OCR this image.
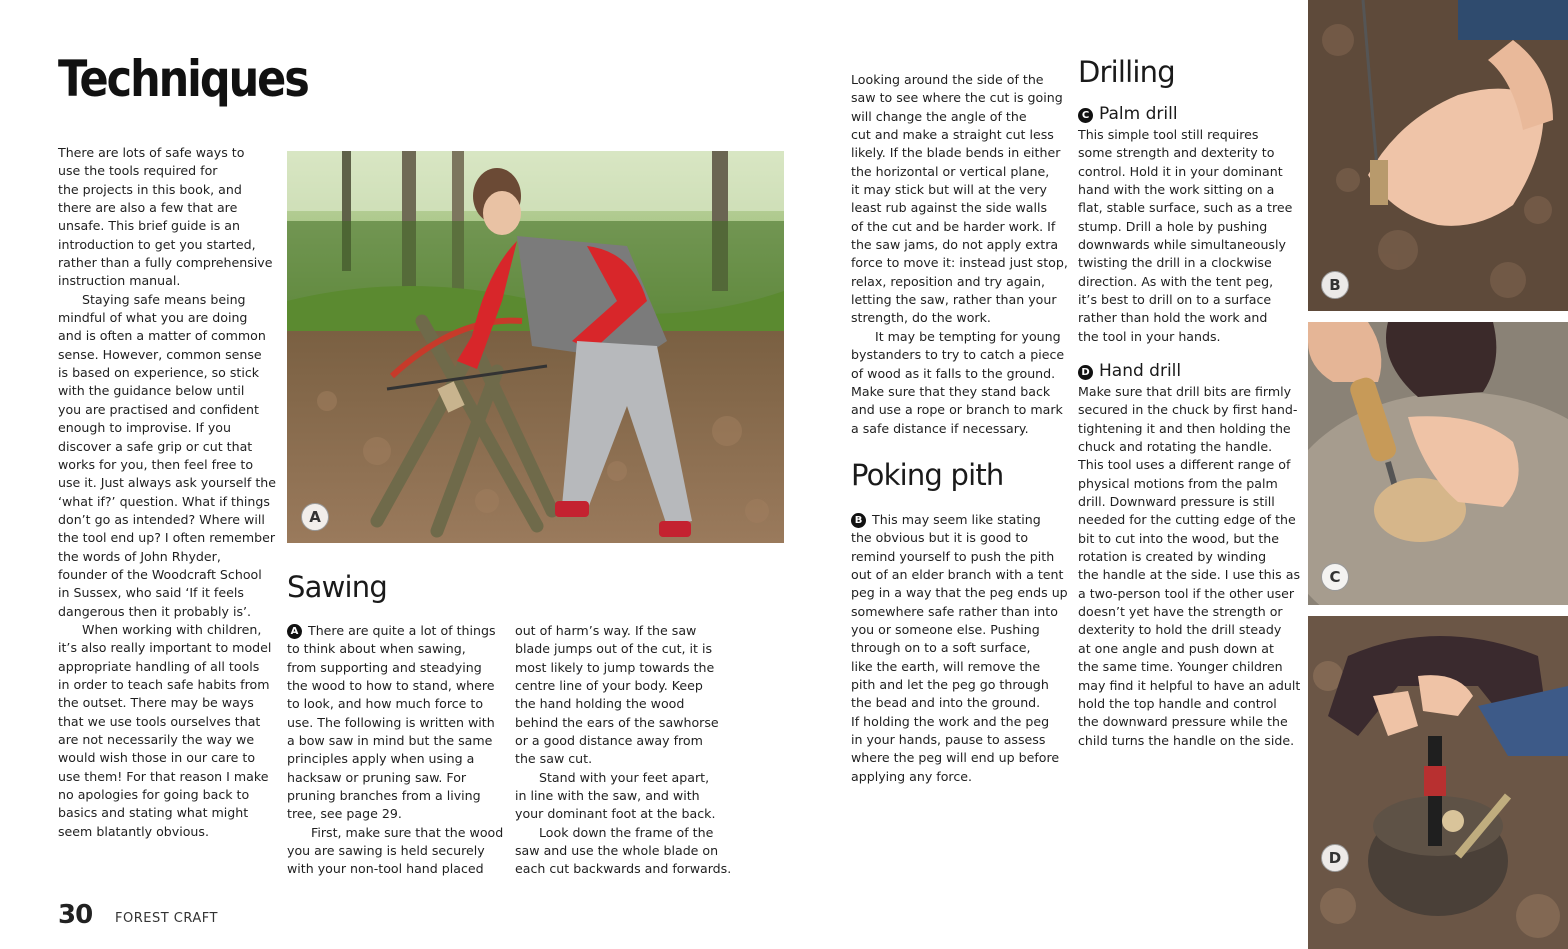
Techniques
There are lots of safe ways to
use the tools required for
the projects in this book, and
there are also a few that are
unsafe. This brief guide is an
introduction to get you started,
rather than a fully comprehensive
instruction manual.
Staying safe means being
mindful of what you are doing
and is often a matter of common
sense. However, common sense
is based on experience, so stick
with the guidance below until
you are practised and confident
enough to improvise. If you
discover a safe grip or cut that
works for you, then feel free to
use it. Just always ask yourself the
‘what if?’ question. What if things
don’t go as intended? Where will
the tool end up? I often remember
the words of John Rhyder,
founder of the Woodcraft School
in Sussex, who said ‘If it feels
dangerous then it probably is’.
When working with children,
it’s also really important to model
appropriate handling of all tools
in order to teach safe habits from
the outset. There may be ways
that we use tools ourselves that
are not necessarily the way we
would wish those in our care to
use them! For that reason I make
no apologies for going back to
basics and stating what might
seem blatantly obvious.
A
Sawing
A There are quite a lot of things
to think about when sawing,
from supporting and steadying
the wood to how to stand, where
to look, and how much force to
use. The following is written with
a bow saw in mind but the same
principles apply when using a
hacksaw or pruning saw. For
pruning branches from a living
tree, see page 29.
First, make sure that the wood
you are sawing is held securely
with your non-tool hand placed
out of harm’s way. If the saw
blade jumps out of the cut, it is
most likely to jump towards the
centre line of your body. Keep
the hand holding the wood
behind the ears of the sawhorse
or a good distance away from
the saw cut.
Stand with your feet apart,
in line with the saw, and with
your dominant foot at the back.
Look down the frame of the
saw and use the whole blade on
each cut backwards and forwards.
Looking around the side of the
saw to see where the cut is going
will change the angle of the
cut and make a straight cut less
likely. If the blade bends in either
the horizontal or vertical plane,
it may stick but will at the very
least rub against the side walls
of the cut and be harder work. If
the saw jams, do not apply extra
force to move it: instead just stop,
relax, reposition and try again,
letting the saw, rather than your
strength, do the work.
It may be tempting for young
bystanders to try to catch a piece
of wood as it falls to the ground.
Make sure that they stand back
and use a rope or branch to mark
a safe distance if necessary.
Poking pith
B This may seem like stating
the obvious but it is good to
remind yourself to push the pith
out of an elder branch with a tent
peg in a way that the peg ends up
somewhere safe rather than into
you or someone else. Pushing
through on to a soft surface,
like the earth, will remove the
pith and let the peg go through
the bead and into the ground.
If holding the work and the peg
in your hands, pause to assess
where the peg will end up before
applying any force.
Drilling
C Palm drill
This simple tool still requires
some strength and dexterity to
control. Hold it in your dominant
hand with the work sitting on a
flat, stable surface, such as a tree
stump. Drill a hole by pushing
downwards while simultaneously
twisting the drill in a clockwise
direction. As with the tent peg,
it’s best to drill on to a surface
rather than hold the work and
the tool in your hands.
D Hand drill
Make sure that drill bits are firmly
secured in the chuck by first hand-
tightening it and then holding the
chuck and rotating the handle.
This tool uses a different range of
physical motions from the palm
drill. Downward pressure is still
needed for the cutting edge of the
bit to cut into the wood, but the
rotation is created by winding
the handle at the side. I use this as
a two-person tool if the other user
doesn’t yet have the strength or
dexterity to hold the drill steady
at one angle and push down at
the same time. Younger children
may find it helpful to have an adult
hold the top handle and control
the downward pressure while the
child turns the handle on the side.
B
C
D
30 FOREST CRAFT
